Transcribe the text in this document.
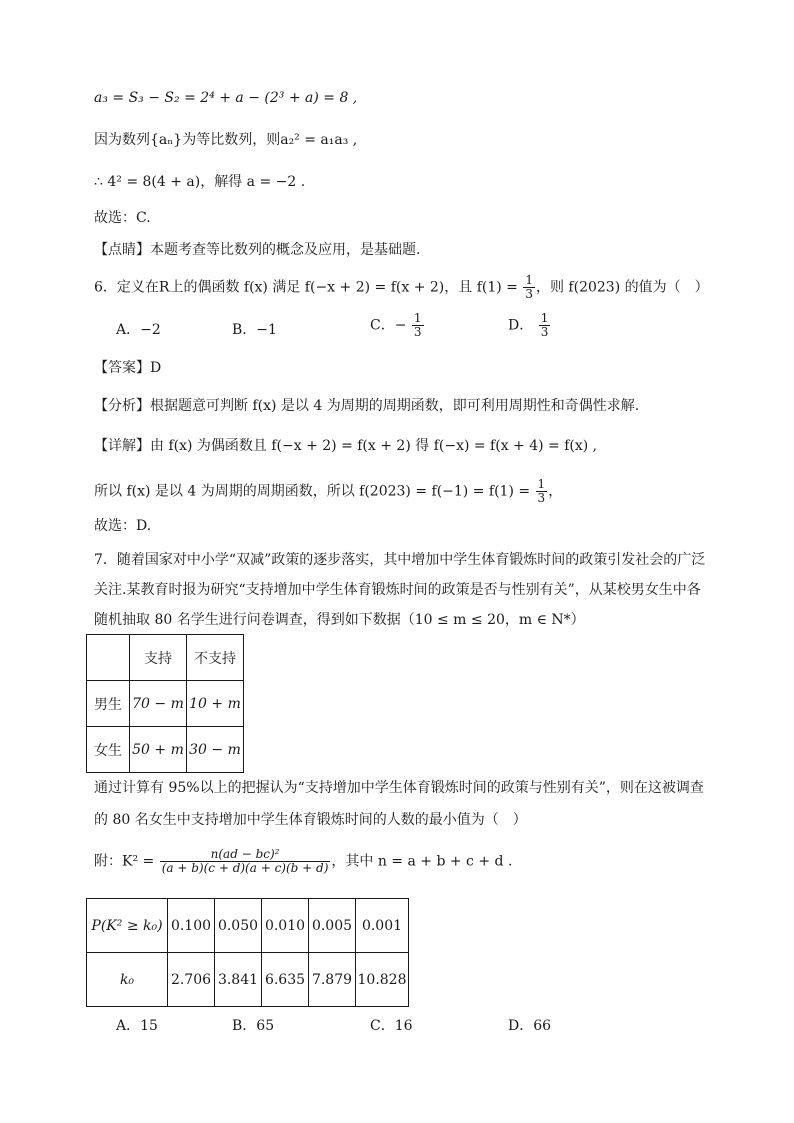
a₃ = S₃ − S₂ = 2⁴ + a − (2³ + a) = 8 ,
因为数列{aₙ}为等比数列，则a₂² = a₁a₃ ,
∴ 4² = 8(4 + a)，解得 a = −2 .
故选：C.
【点睛】本题考查等比数列的概念及应用，是基础题.
6．定义在R上的偶函数 f(x) 满足 f(−x + 2) = f(x + 2)，且 $f(1) = \frac{1}{3}$ ，则 f(2023) 的值为（　）
A．−2	B．−1	C．− $\frac{1}{3}$	D． $\frac{1}{3}$
【答案】D
【分析】根据题意可判断 f(x) 是以 4 为周期的周期函数，即可利用周期性和奇偶性求解.
【详解】由 f(x) 为偶函数且 f(−x + 2) = f(x + 2) 得 f(−x) = f(x + 4) = f(x) ,
所以 f(x) 是以 4 为周期的周期函数，所以 $f(2023) = f(-1) = f(1) = \frac{1}{3}$ ，
故选：D.
7．随着国家对中小学“双减”政策的逐步落实，其中增加中学生体育锻炼时间的政策引发社会的广泛
关注.某教育时报为研究“支持增加中学生体育锻炼时间的政策是否与性别有关”，从某校男女生中各
随机抽取 80 名学生进行问卷调查，得到如下数据（10 ≤ m ≤ 20，m ∈ N*）
	支持	不支持
男生	70 − m	10 + m
女生	50 + m	30 − m
通过计算有 95%以上的把握认为“支持增加中学生体育锻炼时间的政策与性别有关”，则在这被调查
的 80 名女生中支持增加中学生体育锻炼时间的人数的最小值为（　）
附：$K^2 = \frac{\text{n(ad − bc)²}}{(a + b)(c + d)(a + c)(b + d)}$ ，其中 n = a + b + c + d .
P(K² ≥ k₀)	0.100	0.050	0.010	0.005	0.001
k₀	2.706	3.841	6.635	7.879	10.828
A．15	B．65	C．16	D．66
